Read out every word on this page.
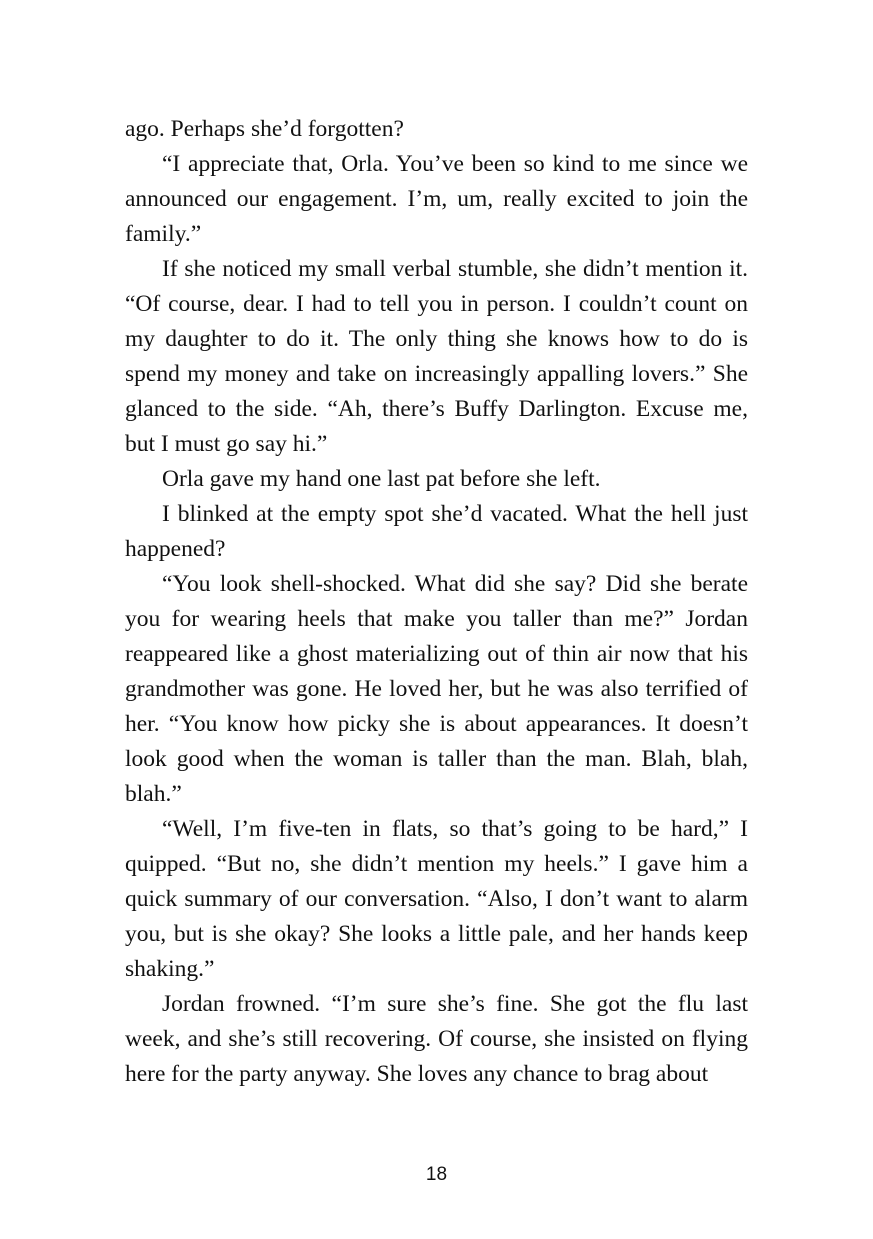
ago. Perhaps she’d forgotten?

“I appreciate that, Orla. You’ve been so kind to me since we announced our engagement. I’m, um, really excited to join the family.”

If she noticed my small verbal stumble, she didn’t mention it. “Of course, dear. I had to tell you in person. I couldn’t count on my daughter to do it. The only thing she knows how to do is spend my money and take on increasingly appalling lovers.” She glanced to the side. “Ah, there’s Buffy Darlington. Excuse me, but I must go say hi.”

Orla gave my hand one last pat before she left.

I blinked at the empty spot she’d vacated. What the hell just happened?

“You look shell-shocked. What did she say? Did she berate you for wearing heels that make you taller than me?” Jordan reappeared like a ghost materializing out of thin air now that his grandmother was gone. He loved her, but he was also terrified of her. “You know how picky she is about appearances. It doesn’t look good when the woman is taller than the man. Blah, blah, blah.”

“Well, I’m five-ten in flats, so that’s going to be hard,” I quipped. “But no, she didn’t mention my heels.” I gave him a quick summary of our conversation. “Also, I don’t want to alarm you, but is she okay? She looks a little pale, and her hands keep shaking.”

Jordan frowned. “I’m sure she’s fine. She got the flu last week, and she’s still recovering. Of course, she insisted on flying here for the party anyway. She loves any chance to brag about

18
